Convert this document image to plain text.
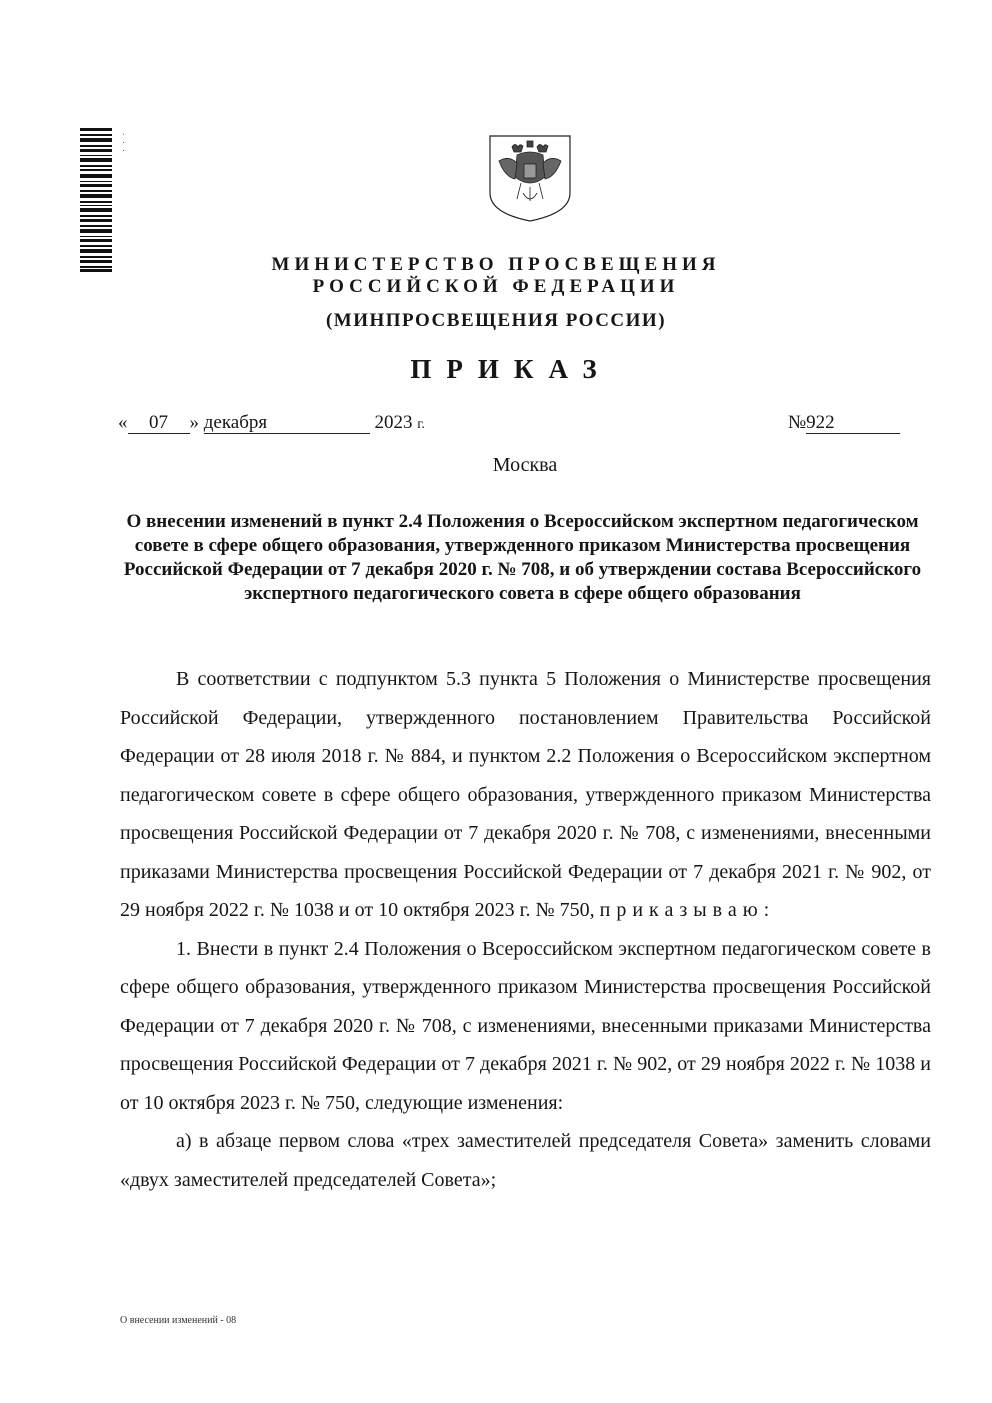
...
МИНИСТЕРСТВО ПРОСВЕЩЕНИЯ
РОССИЙСКОЙ ФЕДЕРАЦИИ
(МИНПРОСВЕЩЕНИЯ РОССИИ)
ПРИКАЗ
« 07 » декабря	2023 г.	№922
Москва
О внесении изменений в пункт 2.4 Положения о Всероссийском экспертном педагогическом совете в сфере общего образования, утвержденного приказом Министерства просвещения Российской Федерации от 7 декабря 2020 г. № 708, и об утверждении состава Всероссийского экспертного педагогического совета в сфере общего образования

В соответствии с подпунктом 5.3 пункта 5 Положения о Министерстве просвещения Российской Федерации, утвержденного постановлением Правительства Российской Федерации от 28 июля 2018 г. № 884, и пунктом 2.2 Положения о Всероссийском экспертном педагогическом совете в сфере общего образования, утвержденного приказом Министерства просвещения Российской Федерации от 7 декабря 2020 г. № 708, с изменениями, внесенными приказами Министерства просвещения Российской Федерации от 7 декабря 2021 г. № 902, от 29 ноября 2022 г. № 1038 и от 10 октября 2023 г. № 750, приказываю:

1. Внести в пункт 2.4 Положения о Всероссийском экспертном педагогическом совете в сфере общего образования, утвержденного приказом Министерства просвещения Российской Федерации от 7 декабря 2020 г. № 708, с изменениями, внесенными приказами Министерства просвещения Российской Федерации от 7 декабря 2021 г. № 902, от 29 ноября 2022 г. № 1038 и от 10 октября 2023 г. № 750, следующие изменения:

а) в абзаце первом слова «трех заместителей председателя Совета» заменить словами «двух заместителей председателей Совета»;

О внесении изменений - 08
